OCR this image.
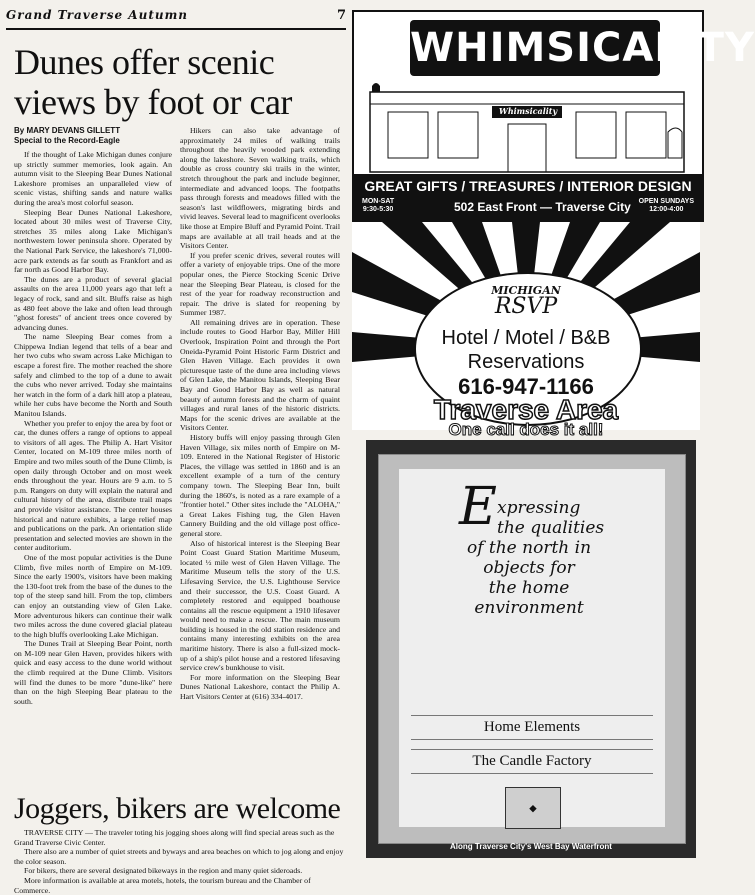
Grand Traverse Autumn	7
Dunes offer scenic views by foot or car
By MARY DEVANS GILLETT
Special to the Record-Eagle

If the thought of Lake Michigan dunes conjure up strictly summer memories, look again. An autumn visit to the Sleeping Bear Dunes National Lakeshore promises an unparalleled view of scenic vistas, shifting sands and nature walks during the area's most colorful season.

Sleeping Bear Dunes National Lakeshore, located about 30 miles west of Traverse City, stretches 35 miles along Lake Michigan's northwestern lower peninsula shore. Operated by the National Park Service, the lakeshore's 71,000-acre park extends as far south as Frankfort and as far north as Good Harbor Bay.

The dunes are a product of several glacial assaults on the area 11,000 years ago that left a legacy of rock, sand and silt. Bluffs raise as high as 480 feet above the lake and often lead through "ghost forests" of ancient trees once covered by advancing dunes.

The name Sleeping Bear comes from a Chippewa Indian legend that tells of a bear and her two cubs who swam across Lake Michigan to escape a forest fire. The mother reached the shore safely and climbed to the top of a dune to await the cubs who never arrived. Today she maintains her watch in the form of a dark hill atop a plateau, while her cubs have become the North and South Manitou Islands.

Whether you prefer to enjoy the area by foot or car, the dunes offers a range of options to appeal to visitors of all ages. The Philip A. Hart Visitor Center, located on M-109 three miles north of Empire and two miles south of the Dune Climb, is open daily through October and on most week ends throughout the year. Hours are 9 a.m. to 5 p.m. Rangers on duty will explain the natural and cultural history of the area, distribute trail maps and provide visitor assistance. The center houses historical and nature exhibits, a large relief map and publications on the park. An orientation slide presentation and selected movies are shown in the center auditorium.

One of the most popular activities is the Dune Climb, five miles north of Empire on M-109. Since the early 1900's, visitors have been making the 130-foot trek from the base of the dunes to the top of the steep sand hill. From the top, climbers can enjoy an outstanding view of Glen Lake. More adventurous hikers can continue their walk two miles across the dune covered glacial plateau to the high bluffs overlooking Lake Michigan.

The Dunes Trail at Sleeping Bear Point, north on M-109 near Glen Haven, provides hikers with quick and easy access to the dune world without the climb required at the Dune Climb. Visitors will find the dunes to be more "dune-like" here than on the high Sleeping Bear plateau to the south.

Hikers can also take advantage of approximately 24 miles of walking trails throughout the heavily wooded park extending along the lakeshore. Seven walking trails, which double as cross country ski trails in the winter, stretch throughout the park and include beginner, intermediate and advanced loops. The footpaths pass through forests and meadows filled with the season's last wildflowers, migrating birds and vivid leaves. Several lead to magnificent overlooks like those at Empire Bluff and Pyramid Point. Trail maps are available at all trail heads and at the Visitors Center.

If you prefer scenic drives, several routes will offer a variety of enjoyable trips. One of the more popular ones, the Pierce Stocking Scenic Drive near the Sleeping Bear Plateau, is closed for the rest of the year for roadway reconstruction and repair. The drive is slated for reopening by Summer 1987.

All remaining drives are in operation. These include routes to Good Harbor Bay, Miller Hill Overlook, Inspiration Point and through the Port Oneida-Pyramid Point Historic Farm District and Glen Haven Village. Each provides it own picturesque taste of the dune area including views of Glen Lake, the Manitou Islands, Sleeping Bear Bay and Good Harbor Bay as well as natural beauty of autumn forests and the charm of quaint villages and rural lanes of the historic districts. Maps for the scenic drives are available at the Visitors Center.

History buffs will enjoy passing through Glen Haven Village, six miles north of Empire on M-109. Entered in the National Register of Historic Places, the village was settled in 1860 and is an excellent example of a turn of the century company town. The Sleeping Bear Inn, built during the 1860's, is noted as a rare example of a "frontier hotel." Other sites include the "ALOHA," a Great Lakes Fishing tug, the Glen Haven Cannery Building and the old village post office-general store.

Also of historical interest is the Sleeping Bear Point Coast Guard Station Maritime Museum, located ½ mile west of Glen Haven Village. The Maritime Museum tells the story of the U.S. Lifesaving Service, the U.S. Lighthouse Service and their successor, the U.S. Coast Guard. A completely restored and equipped boathouse contains all the rescue equipment a 1910 lifesaver would need to make a rescue. The main museum building is housed in the old station residence and contains many interesting exhibits on the area maritime history. There is also a full-sized mock-up of a ship's pilot house and a restored lifesaving service crew's bunkhouse to visit.

For more information on the Sleeping Bear Dunes National Lakeshore, contact the Philip A. Hart Visitors Center at (616) 334-4017.

Joggers, bikers are welcome

TRAVERSE CITY — The traveler toting his jogging shoes along will find special areas such as the Grand Traverse Civic Center.

There also are a number of quiet streets and byways and area beaches on which to jog along and enjoy the color season.

For bikers, there are several designated bikeways in the region and many quiet sideroads.

More information is available at area motels, hotels, the tourism bureau and the Chamber of Commerce.

WHIMSICALITY
Whimsicality
GREAT GIFTS / TREASURES / INTERIOR DESIGN
MON-SAT
9:30-5:30	502 East Front — Traverse City OPEN SUNDAYS
12:00-4:00
MICHIGAN
RSVP
Hotel / Motel / B&B
Reservations
616-947-1166
Traverse Area
One call does it all!
E xpressing
the qualities
of the north in
objects for
the home
environment
Home Elements
The Candle Factory
◆
Along Traverse City's West Bay Waterfront
